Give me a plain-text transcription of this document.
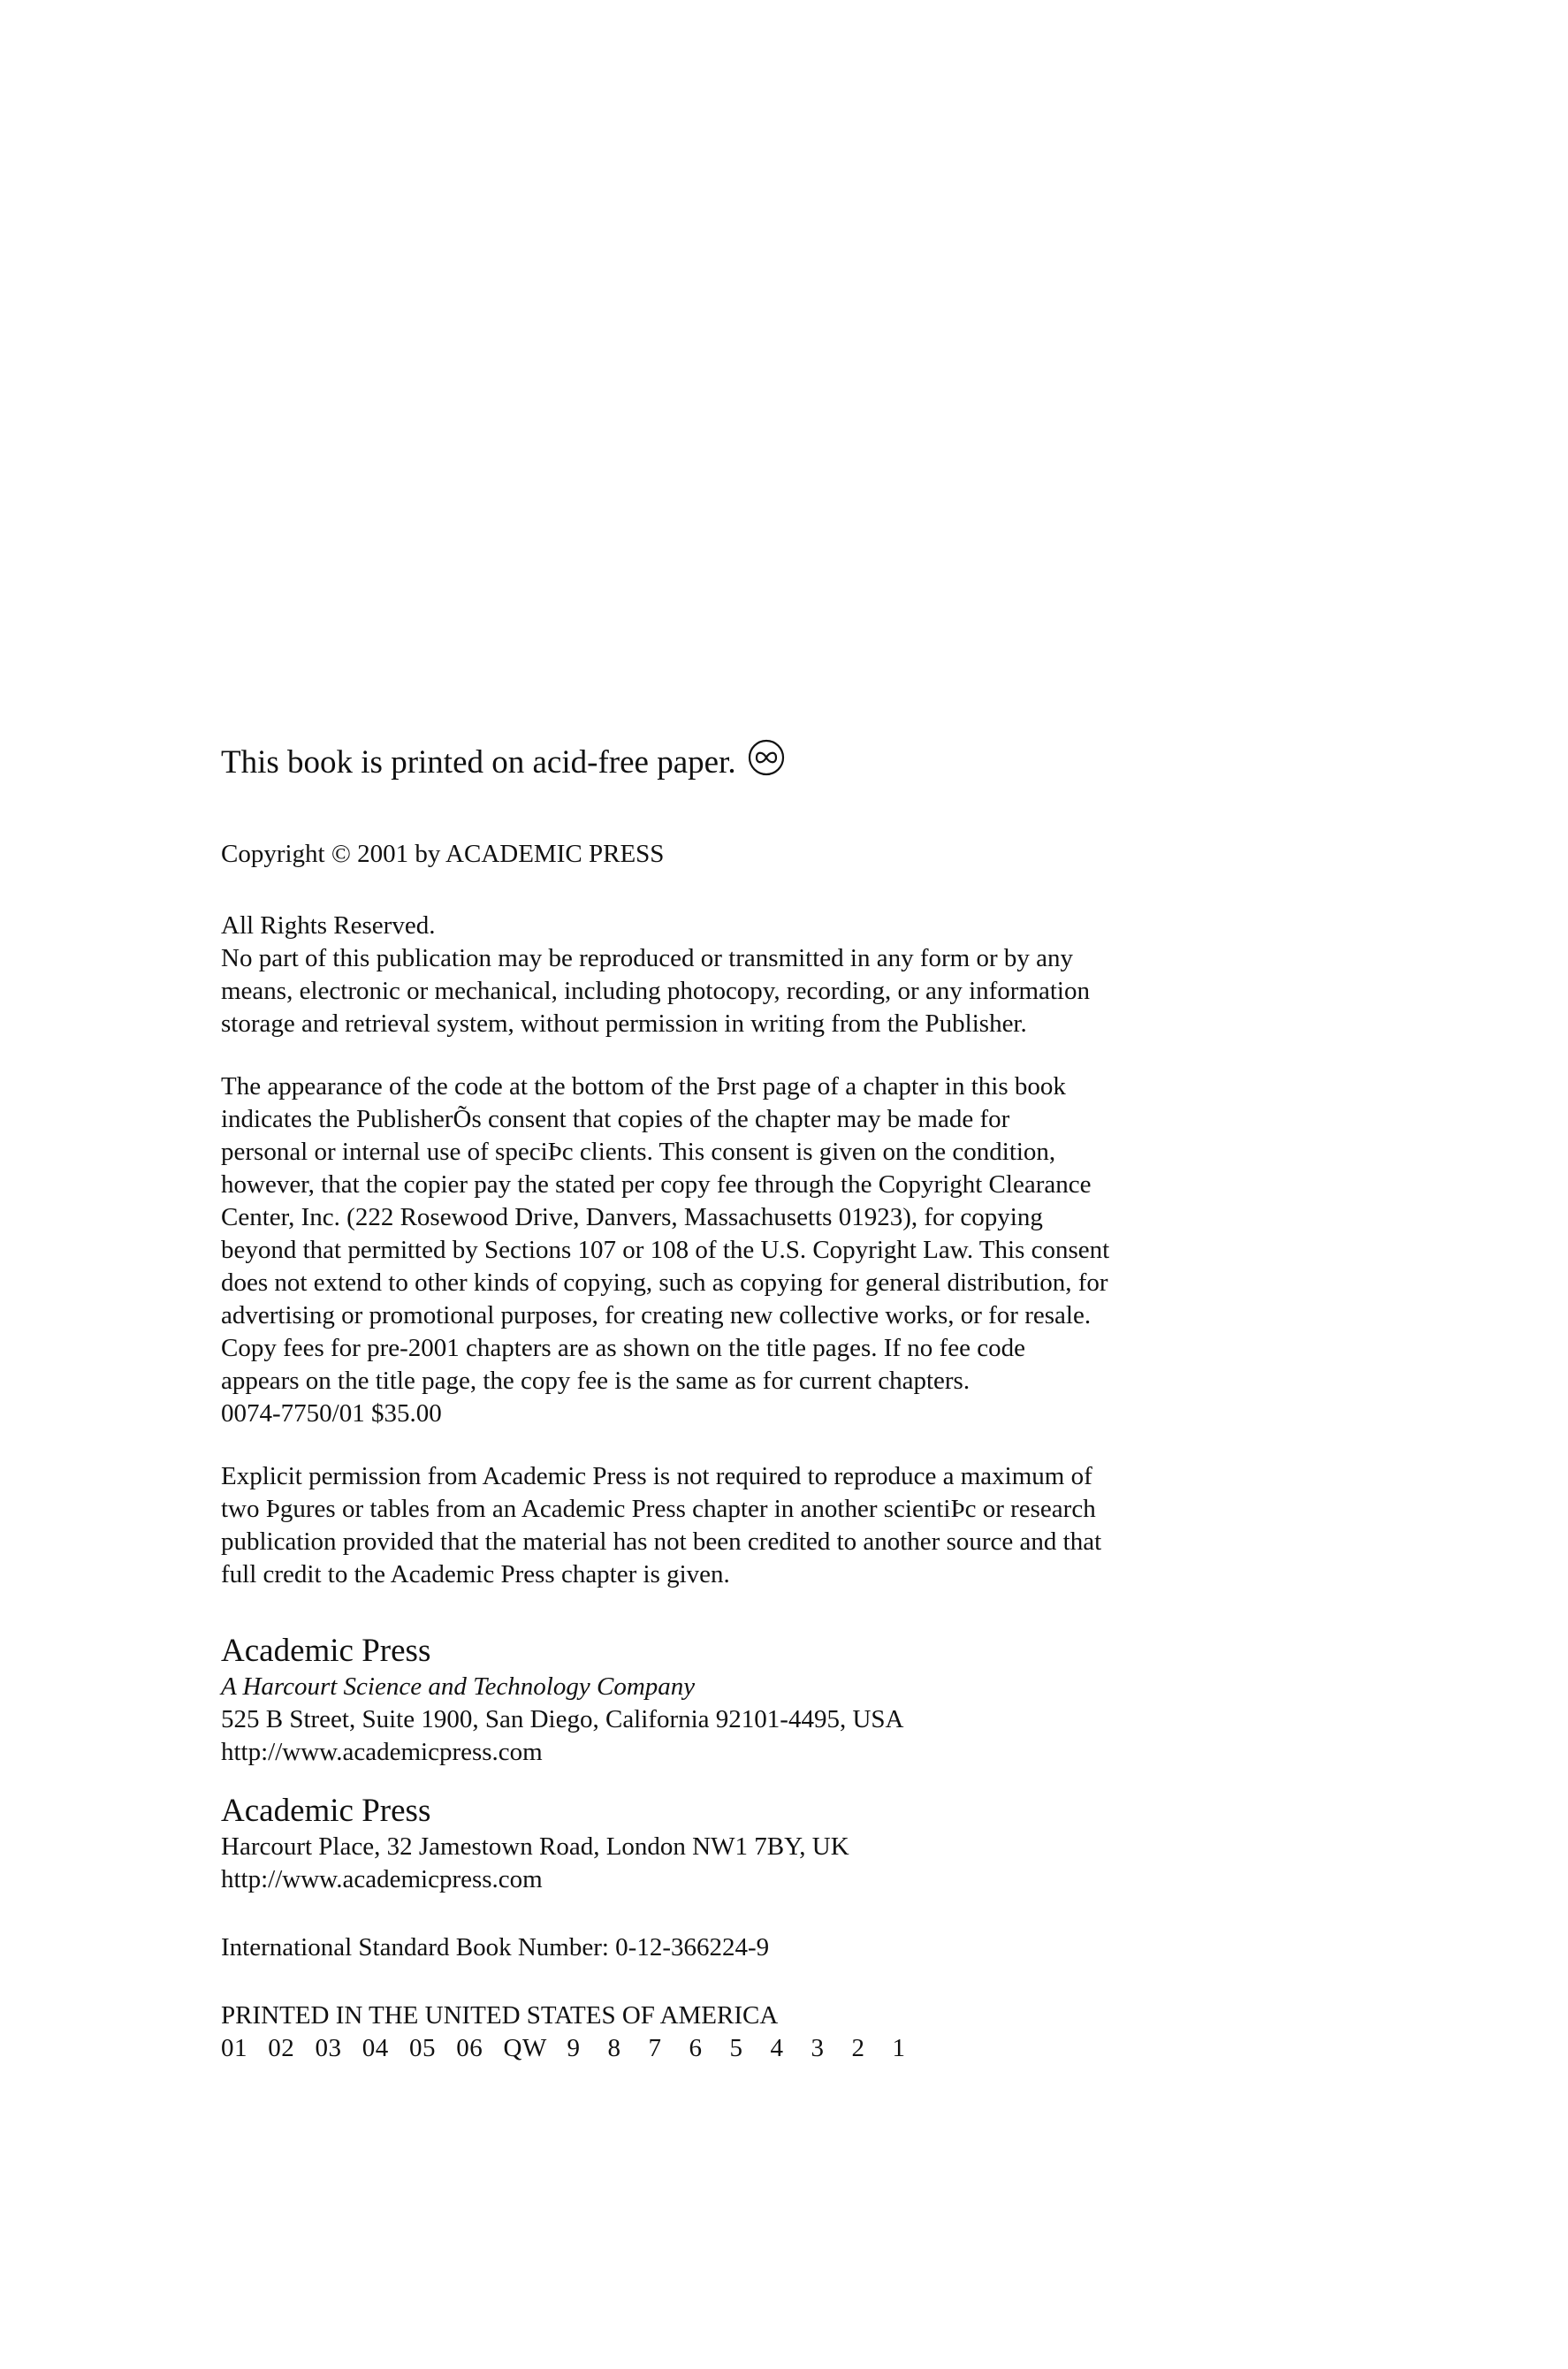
This book is printed on acid-free paper.

Copyright © 2001 by ACADEMIC PRESS

All Rights Reserved.
No part of this publication may be reproduced or transmitted in any form or by any
means, electronic or mechanical, including photocopy, recording, or any information
storage and retrieval system, without permission in writing from the Publisher.
The appearance of the code at the bottom of the Þrst page of a chapter in this book
indicates the PublisherÕs consent that copies of the chapter may be made for
personal or internal use of speciÞc clients. This consent is given on the condition,
however, that the copier pay the stated per copy fee through the Copyright Clearance
Center, Inc. (222 Rosewood Drive, Danvers, Massachusetts 01923), for copying
beyond that permitted by Sections 107 or 108 of the U.S. Copyright Law. This consent
does not extend to other kinds of copying, such as copying for general distribution, for
advertising or promotional purposes, for creating new collective works, or for resale.
Copy fees for pre-2001 chapters are as shown on the title pages. If no fee code
appears on the title page, the copy fee is the same as for current chapters.
0074-7750/01 $35.00
Explicit permission from Academic Press is not required to reproduce a maximum of
two Þgures or tables from an Academic Press chapter in another scientiÞc or research
publication provided that the material has not been credited to another source and that
full credit to the Academic Press chapter is given.

Academic Press

A Harcourt Science and Technology Company

525 B Street, Suite 1900, San Diego, California 92101-4495, USA

http://www.academicpress.com

Academic Press

Harcourt Place, 32 Jamestown Road, London NW1 7BY, UK

http://www.academicpress.com

International Standard Book Number: 0-12-366224-9

PRINTED IN THE UNITED STATES OF AMERICA

01   02   03   04   05   06   QW   9    8    7    6    5    4    3    2    1
